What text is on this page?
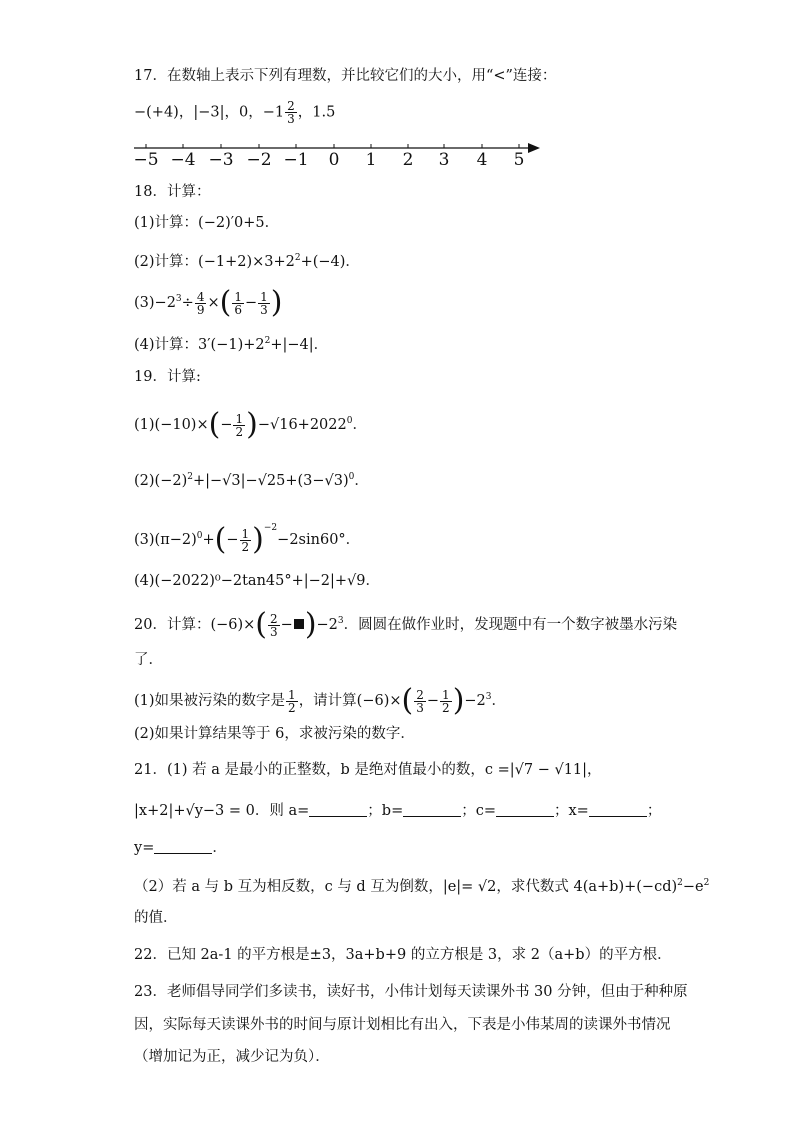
17．在数轴上表示下列有理数，并比较它们的大小，用“<”连接：
−(+4)，|−3|，0，$-1 \frac{2}{3}$ ，1.5
−5 −4 −3 −2 −1 0 1 2 3 4 5
18．计算：
(1)计算：(−2)′0+5．
(2)计算：$(-1+2)\times 3+2^2+(-4)$．
$(3)-2^3\div \frac{4}{9}$ ×( $\frac{1}{6} - \frac{1}{3}$ )
(4)计算：$3'(-1)+2^2+|-4|$．
19．计算:
$(1)(-10)\times(- \frac{1}{2} )-√16+2022^0$．
$(2)(-2)^2+|-√3|-√25+(3-√3)^0$．
$(3)(\pi-2)^0+(- \frac{1}{2} )^{-2}-2\sin 60^\circ$．
(4)(−2022)⁰−2tan45°+|−2|+√9．
20．计算：$(-6)\times( \frac{2}{3} - )-2^3$．圆圆在做作业时，发现题中有一个数字被墨水污染
了．
(1)如果被污染的数字是 $\frac{1}{2}$ ，请计算$(-6)\times( \frac{2}{3} - \frac{1}{2} )-2^3$．
(2)如果计算结果等于 6，求被污染的数字．
21．(1) 若 a 是最小的正整数，b 是绝对值最小的数，c =|√7 − √11|，
|x+2|+√y−3 = 0．则 a=	；b=	；c=	；x=	；
y=	．
（2）若 a 与 b 互为相反数，c 与 d 互为倒数，|e|= √2，求代数式 $4(a+b)+(-cd)^2-e^2$
的值．
22．已知 2a-1 的平方根是±3，3a+b+9 的立方根是 3，求 2（a+b）的平方根．
23．老师倡导同学们多读书，读好书，小伟计划每天读课外书 30 分钟，但由于种种原
因，实际每天读课外书的时间与原计划相比有出入，下表是小伟某周的读课外书情况
（增加记为正，减少记为负）．
